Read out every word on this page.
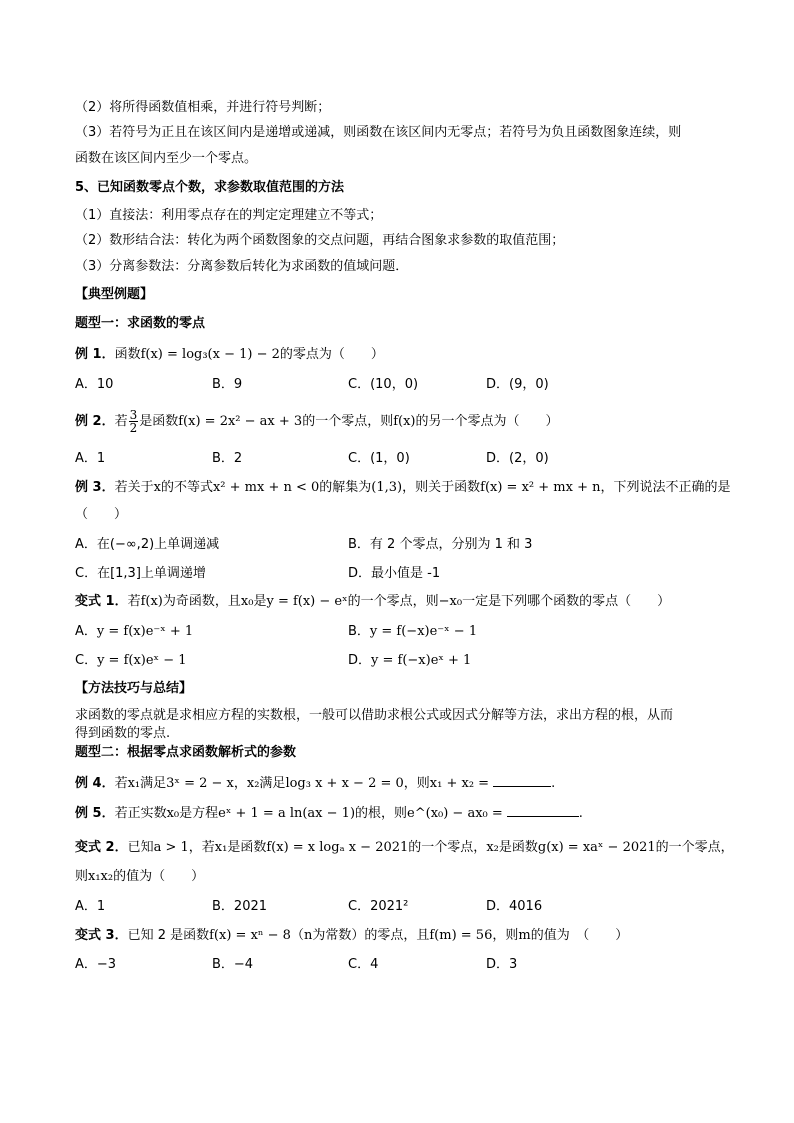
（2）将所得函数值相乘，并进行符号判断；
（3）若符号为正且在该区间内是递增或递减，则函数在该区间内无零点；若符号为负且函数图象连续，则
函数在该区间内至少一个零点。
5、已知函数零点个数，求参数取值范围的方法
（1）直接法：利用零点存在的判定定理建立不等式；
（2）数形结合法：转化为两个函数图象的交点问题，再结合图象求参数的取值范围；
（3）分离参数法：分离参数后转化为求函数的值域问题．
【典型例题】
题型一：求函数的零点
例 1．函数f(x) = log₃(x − 1) − 2的零点为（　　）
A．10	B．9	C．(10，0)	D．(9，0)
例 2．若 $\frac{3}{2}$ 是函数f(x) = 2x² − ax + 3的一个零点，则f(x)的另一个零点为（　　）
A．1	B．2	C．(1，0)	D．(2，0)
例 3．若关于x的不等式x² + mx + n < 0的解集为(1,3)，则关于函数f(x) = x² + mx + n，下列说法不正确的是
（　　）
A．在(−∞,2)上单调递减	B．有 2 个零点，分别为 1 和 3
C．在[1,3]上单调递增	D．最小值是 -1
变式 1．若f(x)为奇函数，且x₀是y = f(x) − eˣ的一个零点，则−x₀一定是下列哪个函数的零点（　　）
A．y = f(x)e⁻ˣ + 1	B．y = f(−x)e⁻ˣ − 1
C．y = f(x)eˣ − 1	D．y = f(−x)eˣ + 1
【方法技巧与总结】
求函数的零点就是求相应方程的实数根，一般可以借助求根公式或因式分解等方法，求出方程的根，从而
得到函数的零点.
题型二：根据零点求函数解析式的参数
例 4．若x₁满足3ˣ = 2 − x，x₂满足log₃ x + x − 2 = 0，则x₁ + x₂ =	.
例 5．若正实数x₀是方程eˣ + 1 = a ln(ax − 1)的根，则e^(x₀) − ax₀ =	.
变式 2．已知a > 1，若x₁是函数f(x) = x logₐ x − 2021的一个零点，x₂是函数g(x) = xaˣ − 2021的一个零点，
则x₁x₂的值为（　　）
A．1	B．2021	C．2021²	D．4016
变式 3．已知 2 是函数f(x) = xⁿ − 8（n为常数）的零点，且f(m) = 56，则m的值为　（　　）
A．−3	B．−4	C．4	D．3
